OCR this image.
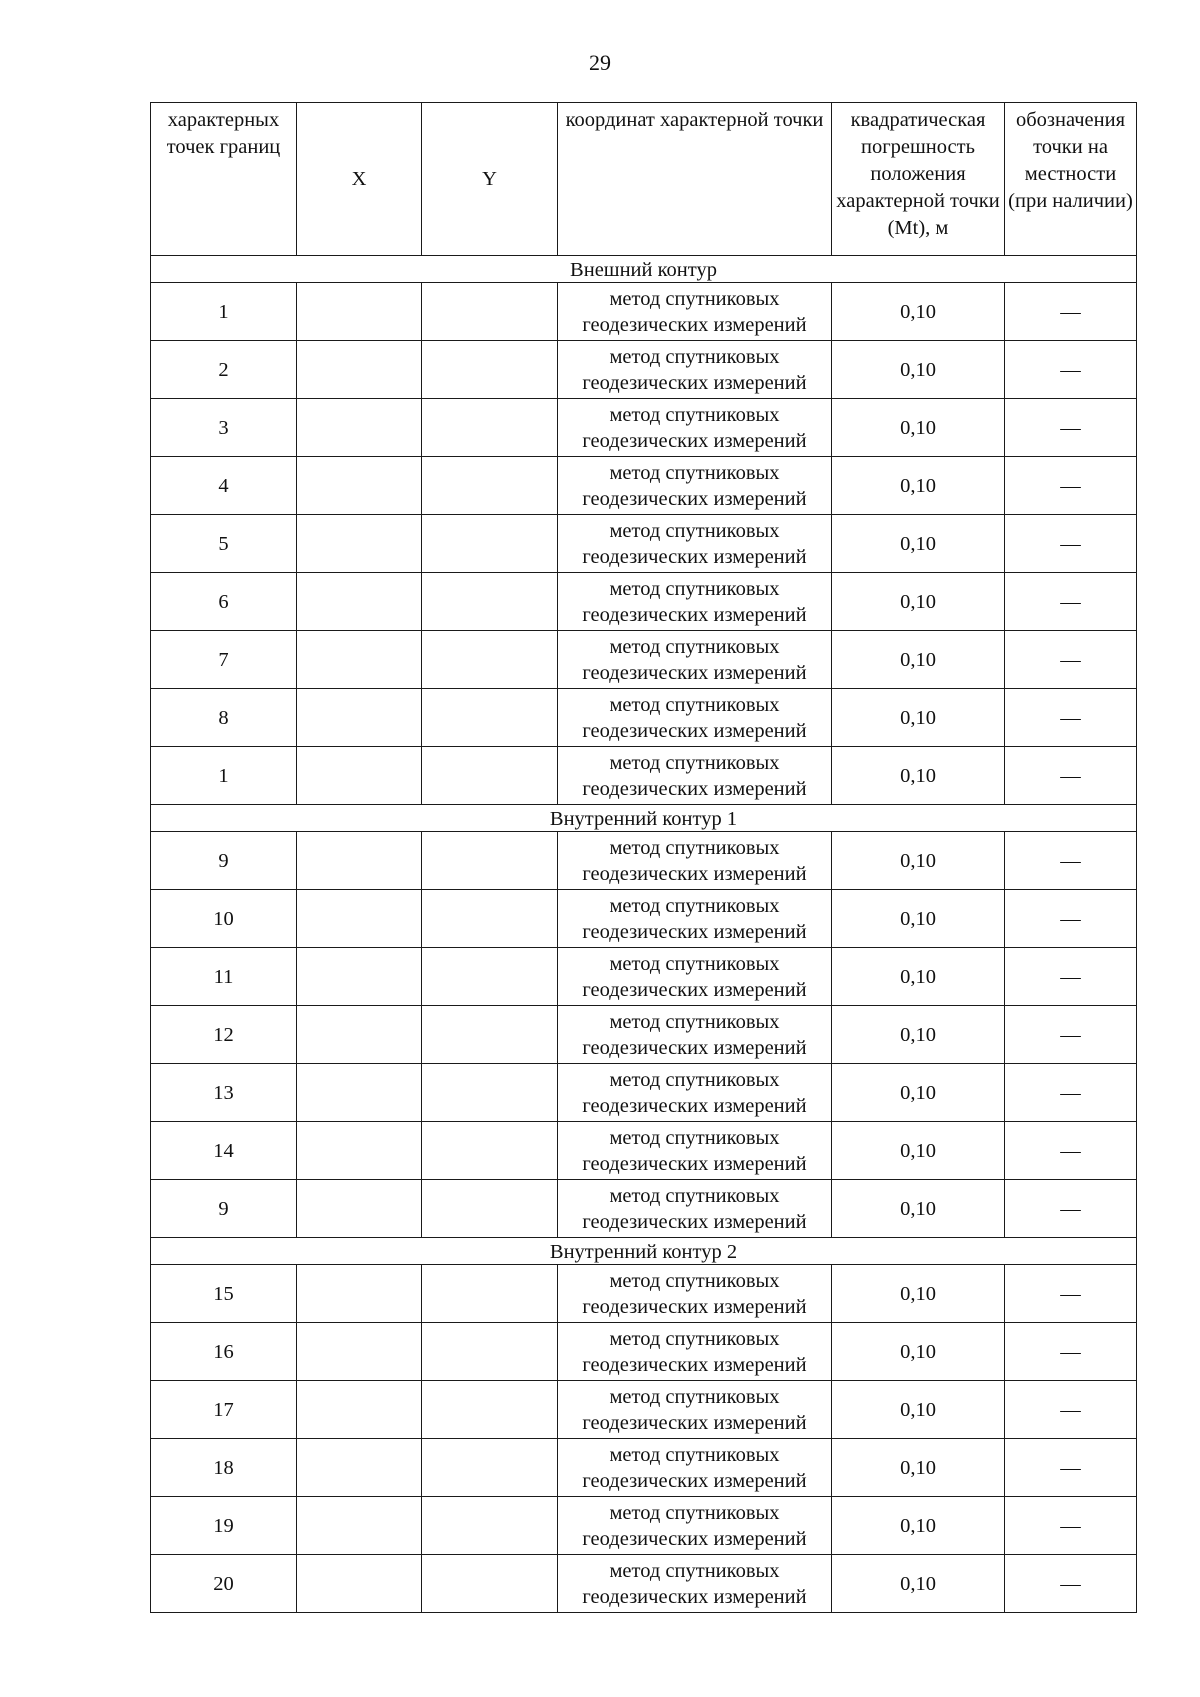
29
характерных точек границ	X	Y	координат характерной точки	квадратическая погрешность положения характерной точки (Mt), м	обозначения точки на местности (при наличии)
Внешний контур					
1			метод спутниковых
геодезических измерений	0,10	—
2			метод спутниковых
геодезических измерений	0,10	—
3			метод спутниковых
геодезических измерений	0,10	—
4			метод спутниковых
геодезических измерений	0,10	—
5			метод спутниковых
геодезических измерений	0,10	—
6			метод спутниковых
геодезических измерений	0,10	—
7			метод спутниковых
геодезических измерений	0,10	—
8			метод спутниковых
геодезических измерений	0,10	—
1			метод спутниковых
геодезических измерений	0,10	—
Внутренний контур 1					
9			метод спутниковых
геодезических измерений	0,10	—
10			метод спутниковых
геодезических измерений	0,10	—
11			метод спутниковых
геодезических измерений	0,10	—
12			метод спутниковых
геодезических измерений	0,10	—
13			метод спутниковых
геодезических измерений	0,10	—
14			метод спутниковых
геодезических измерений	0,10	—
9			метод спутниковых
геодезических измерений	0,10	—
Внутренний контур 2					
15			метод спутниковых
геодезических измерений	0,10	—
16			метод спутниковых
геодезических измерений	0,10	—
17			метод спутниковых
геодезических измерений	0,10	—
18			метод спутниковых
геодезических измерений	0,10	—
19			метод спутниковых
геодезических измерений	0,10	—
20			метод спутниковых
геодезических измерений	0,10	—
